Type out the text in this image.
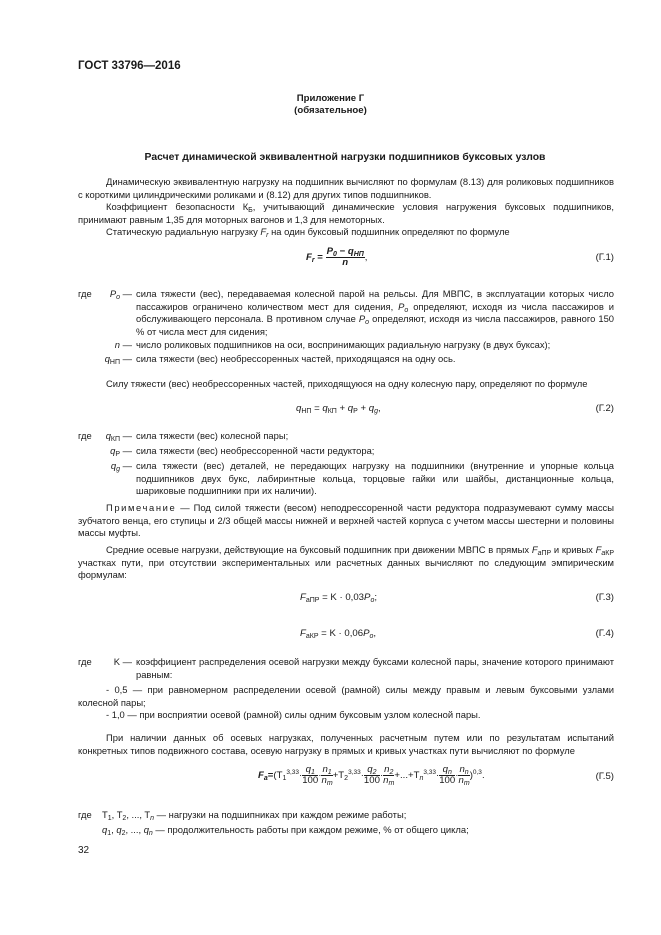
ГОСТ 33796—2016
Приложение Г
(обязательное)
Расчет динамической эквивалентной нагрузки подшипников буксовых узлов
Динамическую эквивалентную нагрузку на подшипник вычисляют по формулам (8.13) для роликовых подшипников с короткими цилиндрическими роликами и (8.12) для других типов подшипников.
Коэффициент безопасности $К_Б$, учитывающий динамические условия нагружения буксовых подшипников, принимают равным 1,35 для моторных вагонов и 1,3 для немоторных.
Статическую радиальную нагрузку $F_r$ на один буксовый подшипник определяют по формуле
$F_r = \frac{P_0 - q_{НП}}{n}$ ,	(Г.1)
где	$P_o$ — сила тяжести (вес), передаваемая колесной парой на рельсы. Для МВПС, в эксплуатации которых число пассажиров ограничено количеством мест для сидения, $P_o$ определяют, исходя из числа пассажиров и обслуживающего персонала. В противном случае $P_o$ определяют, исходя из числа пассажиров, равного 150 % от числа мест для сидения;
n — число роликовых подшипников на оси, воспринимающих радиальную нагрузку (в двух буксах);
$q_{НП}$ — сила тяжести (вес) необрессоренных частей, приходящаяся на одну ось.
Силу тяжести (вес) необрессоренных частей, приходящуюся на одну колесную пару, определяют по формуле
$q_{НП} = q_{КП} + q_Р + q_g$,	(Г.2)
где	$q_{КП}$ — сила тяжести (вес) колесной пары;
$q_Р$ — сила тяжести (вес) необрессоренной части редуктора;
$q_g$ — сила тяжести (вес) деталей, не передающих нагрузку на подшипники (внутренние и упорные кольца подшипников двух букс, лабиринтные кольца, торцовые гайки или шайбы, дистанционные кольца, шариковые подшипники при их наличии).
Примечание — Под силой тяжести (весом) неподрессоренной части редуктора подразумевают сумму массы зубчатого венца, его ступицы и 2/3 общей массы нижней и верхней частей корпуса с учетом массы шестерни и половины массы муфты.
Средние осевые нагрузки, действующие на буксовый подшипник при движении МВПС в прямых $F_{aПР}$ и кривых $F_{aКР}$ участках пути, при отсутствии экспериментальных или расчетных данных вычисляют по следующим эмпирическим формулам:
$F_{aПР} = K \cdot 0,03P_o$;	(Г.3)
$F_{aКР} = K \cdot 0,06P_o$,	(Г.4)
где	K — коэффициент распределения осевой нагрузки между буксами колесной пары, значение которого принимают равным:
- 0,5 — при равномерном распределении осевой (рамной) силы между правым и левым буксовыми узлами колесной пары;
- 1,0 — при восприятии осевой (рамной) силы одним буксовым узлом колесной пары.
При наличии данных об осевых нагрузках, полученных расчетным путем или по результатам испытаний конкретных типов подвижного состава, осевую нагрузку в прямых и кривых участках пути вычисляют по формуле
$F_a=(T_1^{3,33}\cdot \frac{q_1}{100} \cdot \frac{n_1}{n_m} +T_2^{3,33}\cdot \frac{q_2}{100} \cdot \frac{n_2}{n_m} +...+T_n^{3,33}\cdot \frac{q_n}{100} \cdot \frac{n_n}{n_m} )^{0,3}$.	(Г.5)
где $T_1$, $T_2$, ..., $T_n$ — нагрузки на подшипниках при каждом режиме работы;
$q_1$, $q_2$, ..., $q_n$ — продолжительность работы при каждом режиме, % от общего цикла;
32
